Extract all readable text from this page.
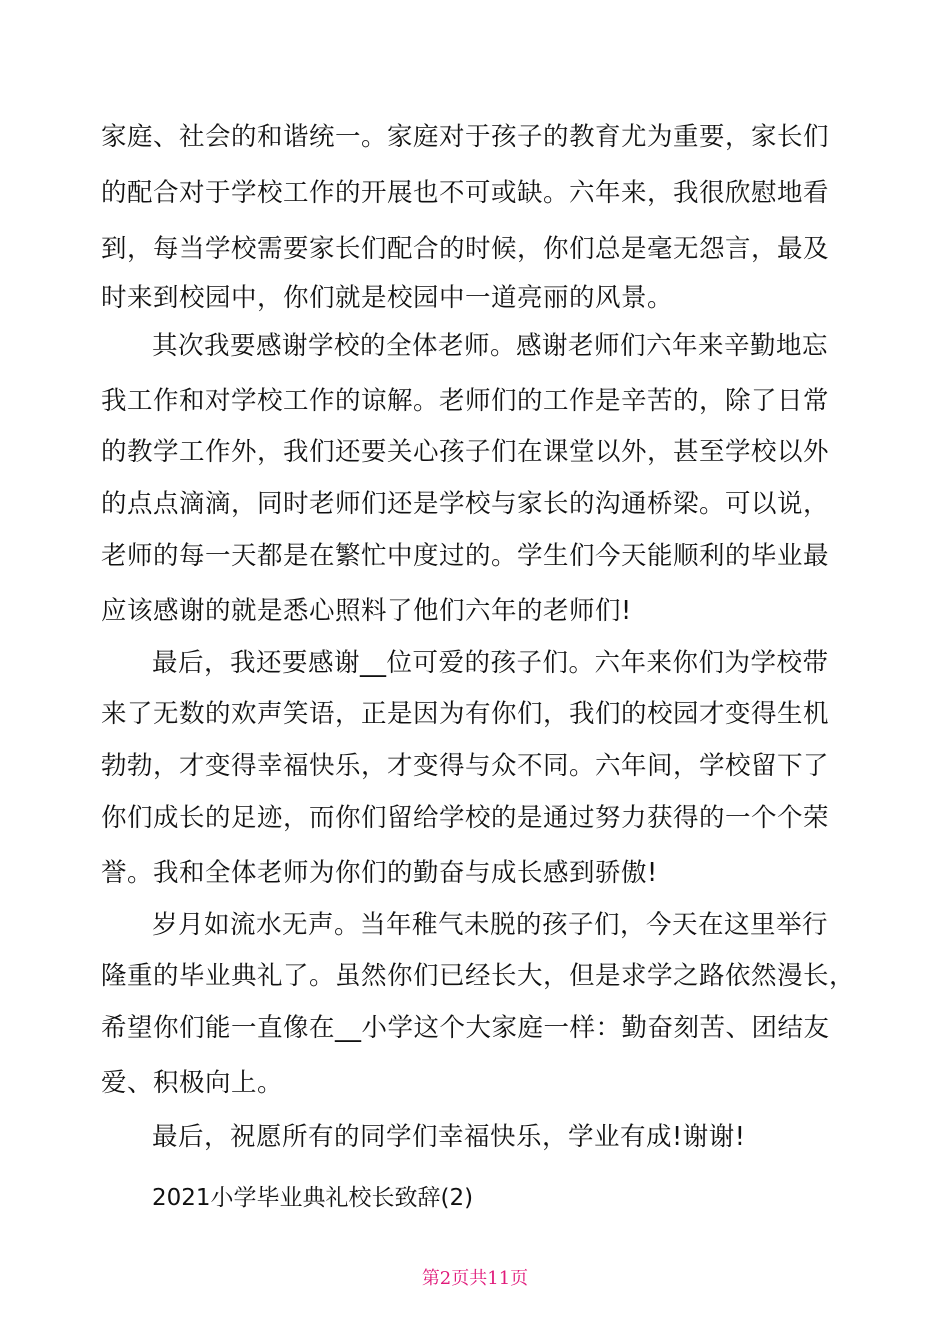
家庭、社会的和谐统一。家庭对于孩子的教育尤为重要，家长们
的配合对于学校工作的开展也不可或缺。六年来，我很欣慰地看
到，每当学校需要家长们配合的时候，你们总是毫无怨言，最及
时来到校园中，你们就是校园中一道亮丽的风景。
其次我要感谢学校的全体老师。感谢老师们六年来辛勤地忘
我工作和对学校工作的谅解。老师们的工作是辛苦的，除了日常
的教学工作外，我们还要关心孩子们在课堂以外，甚至学校以外
的点点滴滴，同时老师们还是学校与家长的沟通桥梁。可以说，
老师的每一天都是在繁忙中度过的。学生们今天能顺利的毕业最
应该感谢的就是悉心照料了他们六年的老师们!
最后，我还要感谢__位可爱的孩子们。六年来你们为学校带
来了无数的欢声笑语，正是因为有你们，我们的校园才变得生机
勃勃，才变得幸福快乐，才变得与众不同。六年间，学校留下了
你们成长的足迹，而你们留给学校的是通过努力获得的一个个荣
誉。我和全体老师为你们的勤奋与成长感到骄傲!
岁月如流水无声。当年稚气未脱的孩子们，今天在这里举行
隆重的毕业典礼了。虽然你们已经长大，但是求学之路依然漫长，
希望你们能一直像在__小学这个大家庭一样：勤奋刻苦、团结友
爱、积极向上。
最后，祝愿所有的同学们幸福快乐，学业有成!谢谢!
2021小学毕业典礼校长致辞(2)
第2页共11页
